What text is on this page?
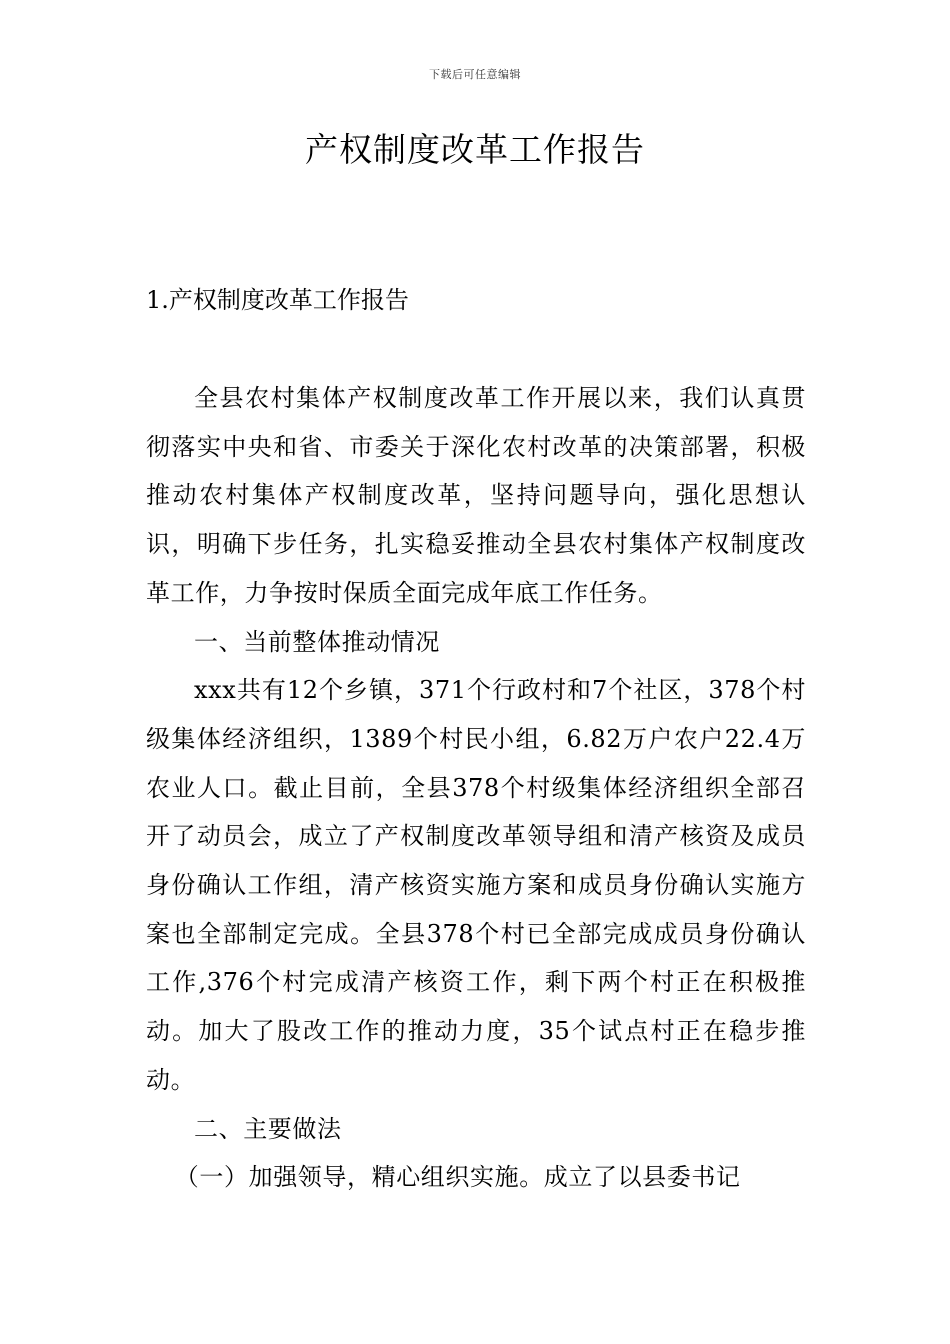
下载后可任意编辑
产权制度改革工作报告
1.产权制度改革工作报告

全县农村集体产权制度改革工作开展以来，我们认真贯彻落实中央和省、市委关于深化农村改革的决策部署，积极推动农村集体产权制度改革，坚持问题导向，强化思想认识，明确下步任务，扎实稳妥推动全县农村集体产权制度改革工作，力争按时保质全面完成年底工作任务。

一、当前整体推动情况

xxx共有12个乡镇，371个行政村和7个社区，378个村级集体经济组织，1389个村民小组，6.82万户农户22.4万农业人口。截止目前，全县378个村级集体经济组织全部召开了动员会，成立了产权制度改革领导组和清产核资及成员身份确认工作组，清产核资实施方案和成员身份确认实施方案也全部制定完成。全县378个村已全部完成成员身份确认工作,376个村完成清产核资工作，剩下两个村正在积极推动。加大了股改工作的推动力度，35个试点村正在稳步推动。

二、主要做法

（一）加强领导，精心组织实施。成立了以县委书记
